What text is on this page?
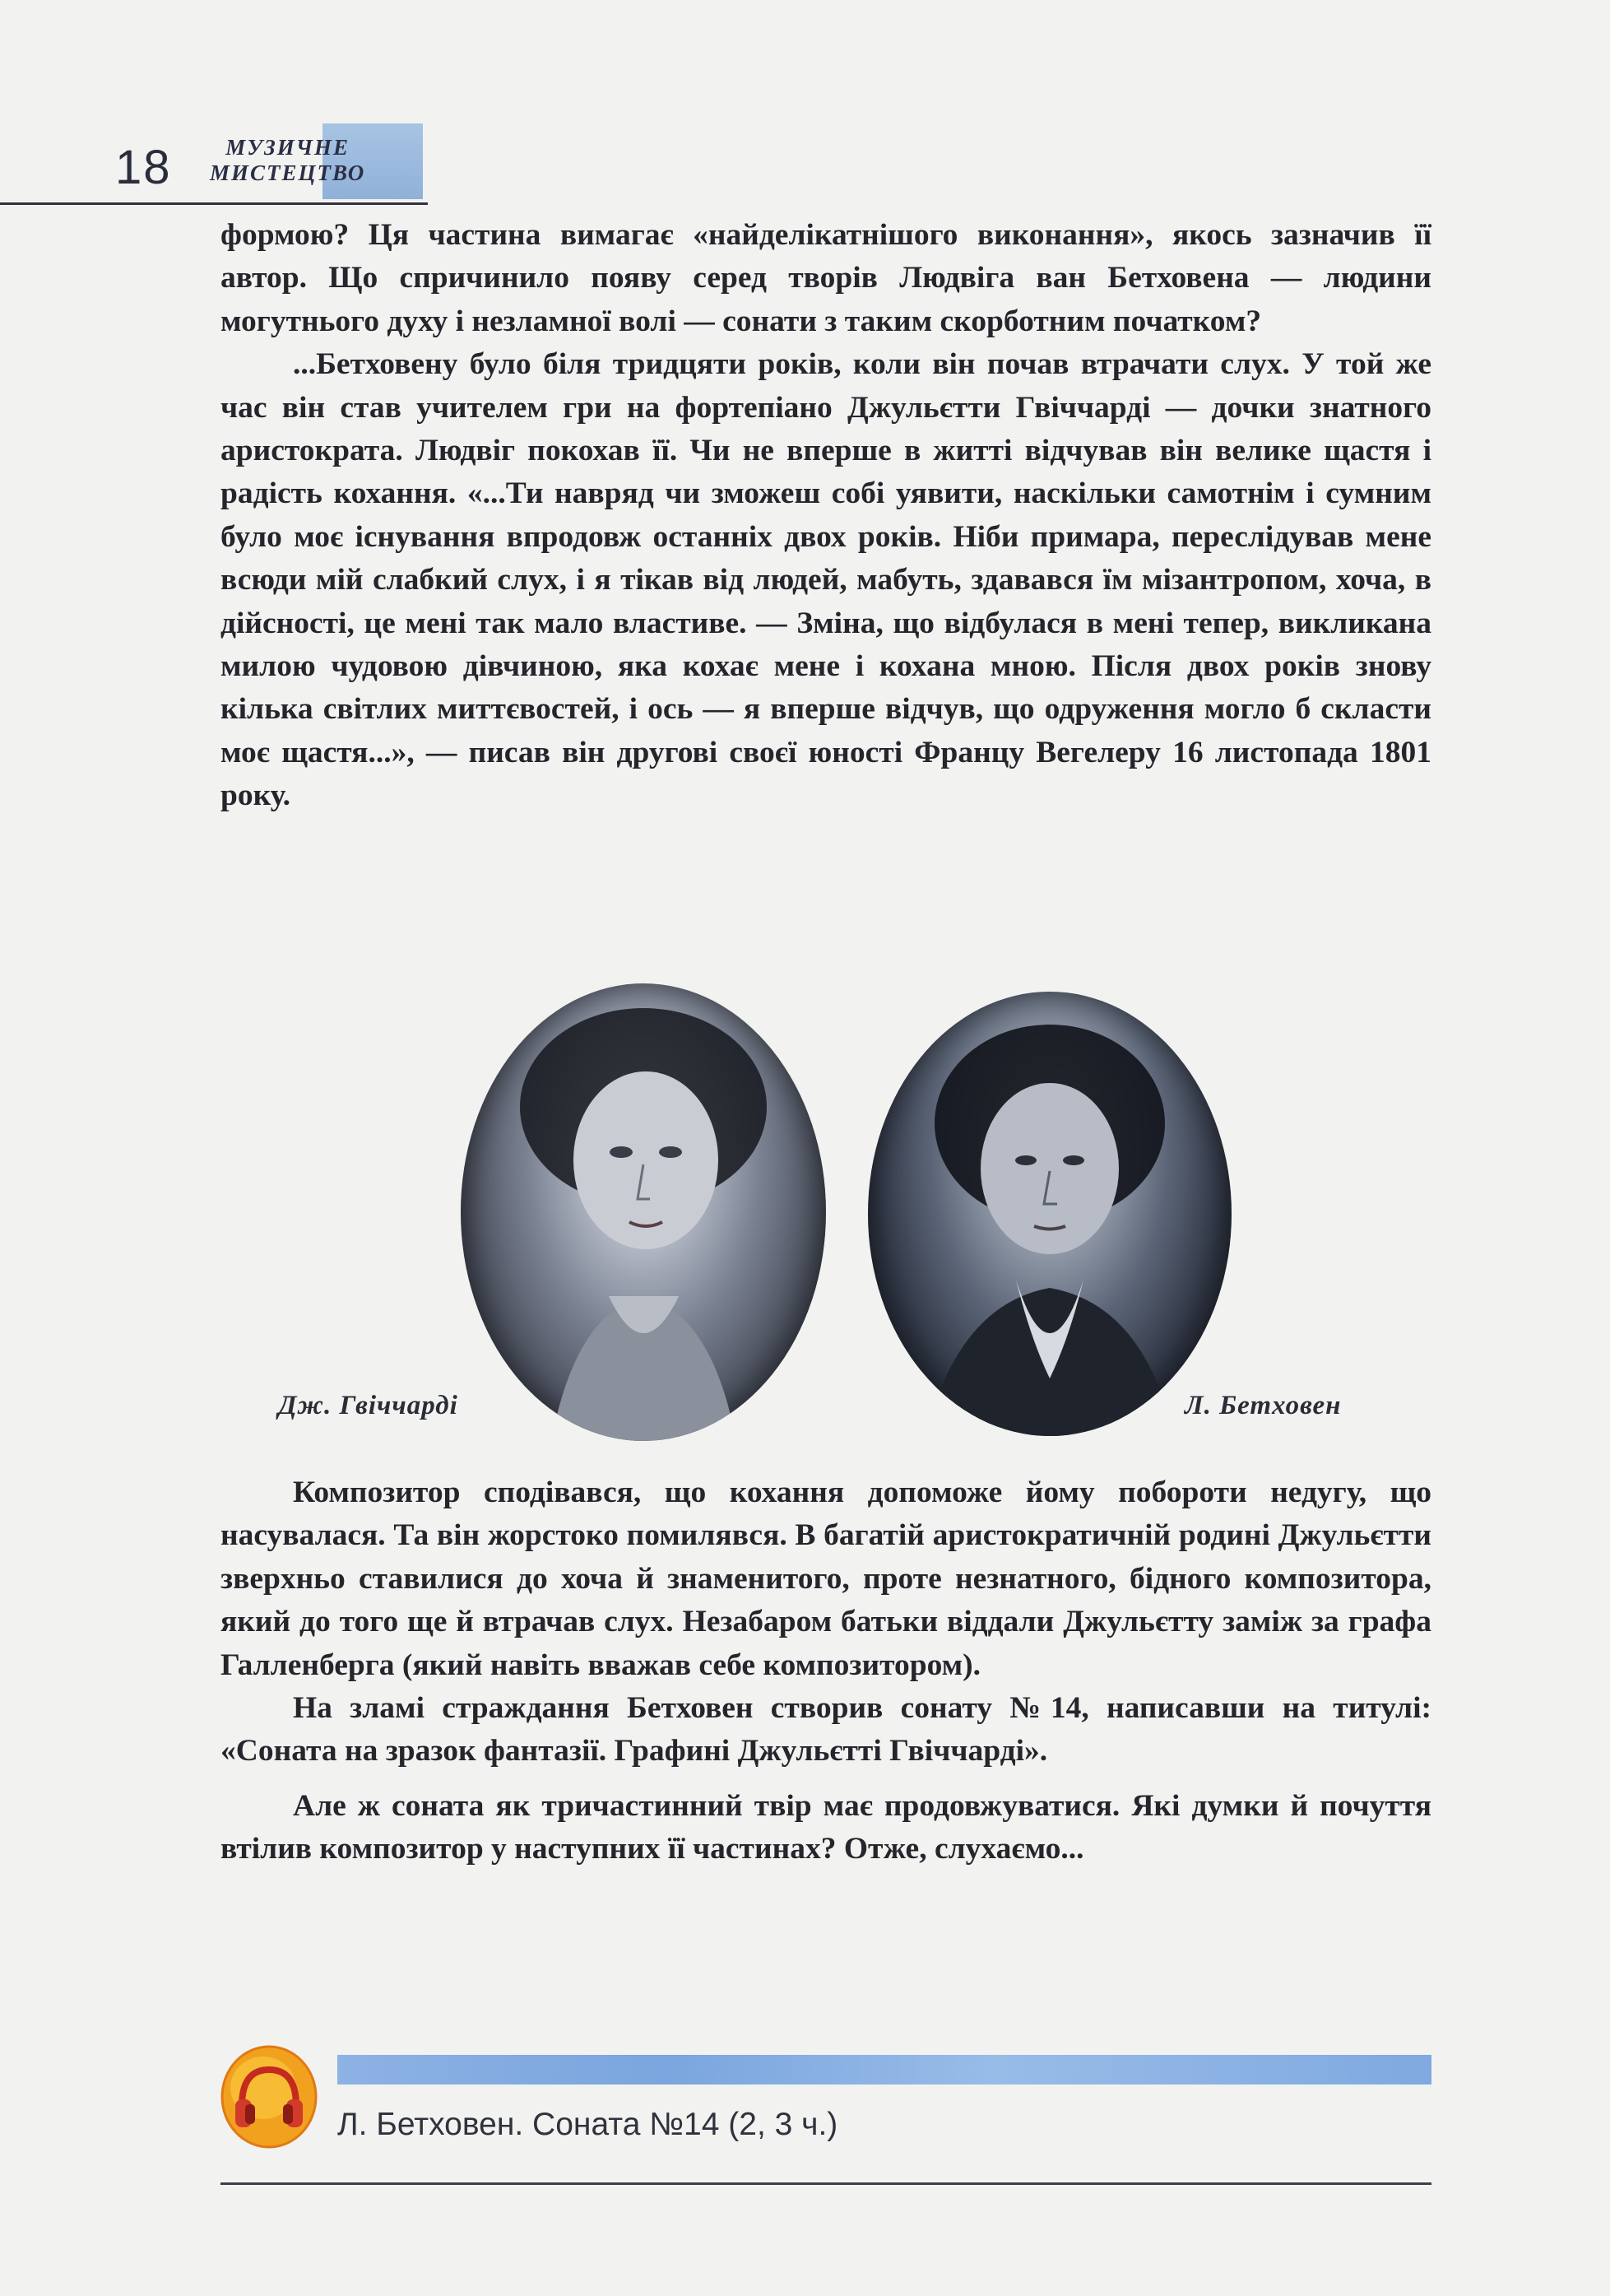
18	МУЗИЧНЕ
МИСТЕЦТВО

формою? Ця частина вимагає «найделікатнішого виконання», якось зазначив її автор. Що спричинило появу серед творів Людвіга ван Бетховена — людини могутнього духу і незламної волі — сонати з таким скорботним початком?

...Бетховену було біля тридцяти років, коли він почав втрачати слух. У той же час він став учителем гри на фортепіано Джульєтти Гвіччарді — дочки знатного аристократа. Людвіг покохав її. Чи не вперше в житті відчував він велике щастя і радість кохання. «...Ти навряд чи зможеш собі уявити, наскільки самотнім і сумним було моє існування впродовж останніх двох років. Ніби примара, переслідував мене всюди мій слабкий слух, і я тікав від людей, мабуть, здавався їм мізантропом, хоча, в дійсності, це мені так мало властиве. — Зміна, що відбулася в мені тепер, викликана милою чудовою дівчиною, яка кохає мене і кохана мною. Після двох років знову кілька світлих миттєвостей, і ось — я вперше відчув, що одруження могло б скласти моє щастя...», — писав він другові своєї юності Францу Вегелеру 16 листопада 1801 року.

Дж. Гвіччарді	Л. Бетховен

Композитор сподівався, що кохання допоможе йому побороти недугу, що насувалася. Та він жорстоко помилявся. В багатій аристократичній родині Джульєтти зверхньо ставилися до хоча й знаменитого, проте незнатного, бідного композитора, який до того ще й втрачав слух. Незабаром батьки віддали Джульєтту заміж за графа Галленберга (який навіть вважав себе композитором).

На зламі страждання Бетховен створив сонату №14, написавши на титулі: «Соната на зразок фантазії. Графині Джульєтті Гвіччарді».

Але ж соната як тричастинний твір має продовжуватися. Які думки й почуття втілив композитор у наступних її частинах? Отже, слухаємо...

Л. Бетховен. Соната №14 (2, 3 ч.)
